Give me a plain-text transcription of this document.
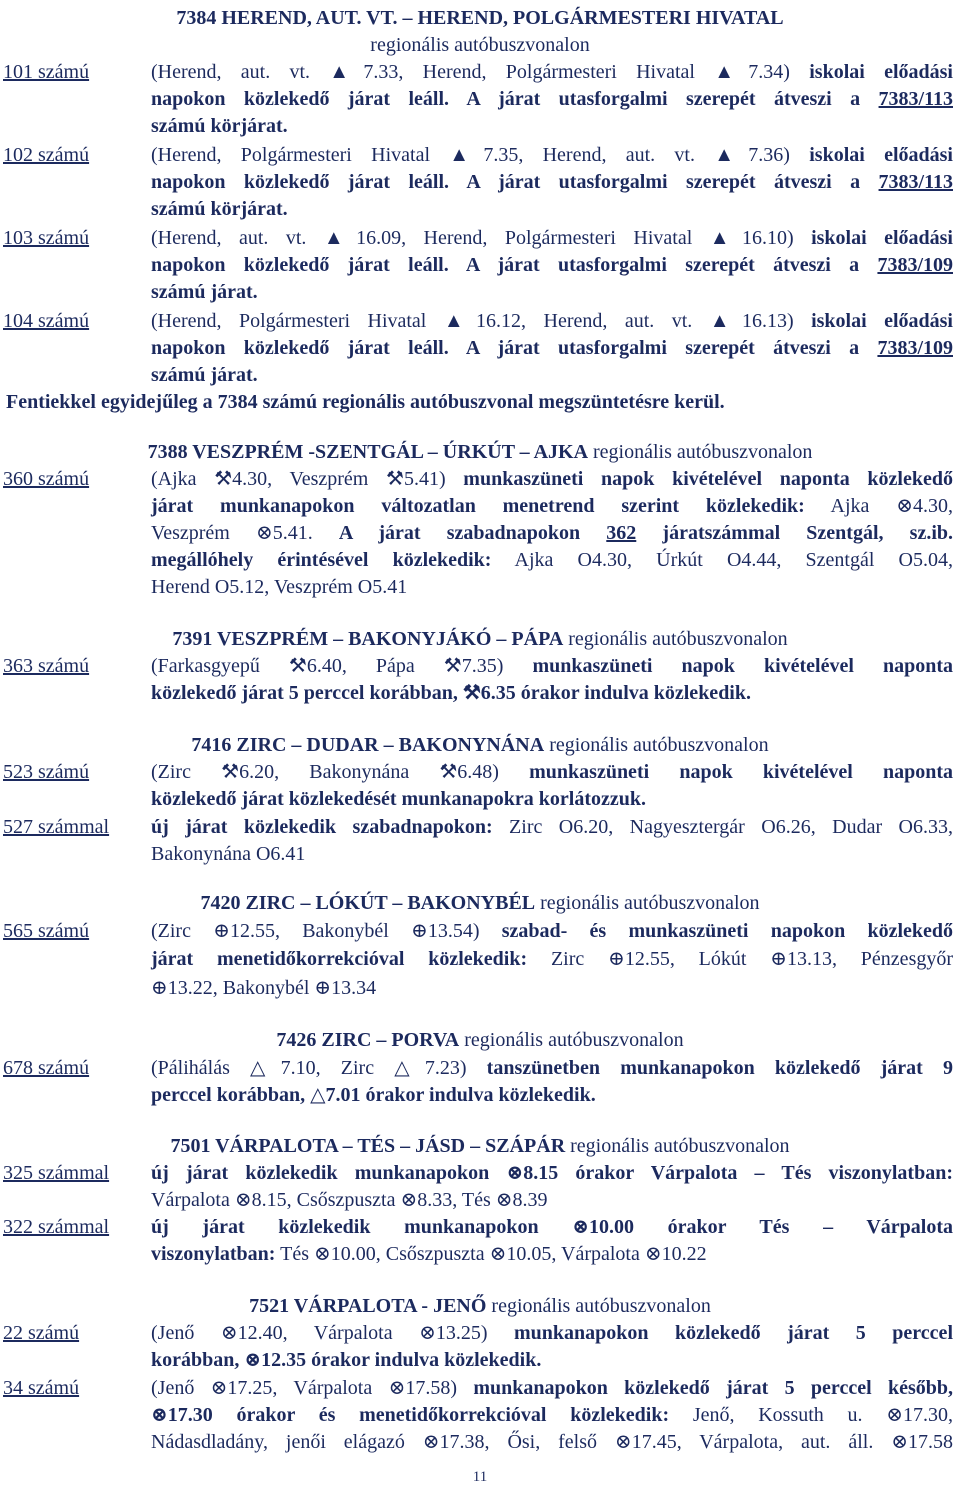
7384 HEREND, AUT. VT. – HEREND, POLGÁRMESTERI HIVATAL
regionális autóbuszvonalon
101 számú	(Herend, aut. vt. ▲7.33, Herend, Polgármesteri Hivatal ▲7.34) iskolai előadási
napokon közlekedő járat leáll. A járat utasforgalmi szerepét átveszi a 7383/113
számú körjárat.
102 számú	(Herend, Polgármesteri Hivatal ▲7.35, Herend, aut. vt. ▲7.36) iskolai előadási
napokon közlekedő járat leáll. A járat utasforgalmi szerepét átveszi a 7383/113
számú körjárat.
103 számú	(Herend, aut. vt. ▲16.09, Herend, Polgármesteri Hivatal ▲16.10) iskolai előadási
napokon közlekedő járat leáll. A járat utasforgalmi szerepét átveszi a 7383/109
számú járat.
104 számú	(Herend, Polgármesteri Hivatal ▲16.12, Herend, aut. vt. ▲16.13) iskolai előadási
napokon közlekedő járat leáll. A járat utasforgalmi szerepét átveszi a 7383/109
számú járat.
Fentiekkel egyidejűleg a 7384 számú regionális autóbuszvonal megszüntetésre kerül.
7388 VESZPRÉM -SZENTGÁL – ÚRKÚT – AJKA regionális autóbuszvonalon
360 számú	(Ajka ⚒4.30, Veszprém ⚒5.41) munkaszüneti napok kivételével naponta közlekedő
járat munkanapokon változatlan menetrend szerint közlekedik: Ajka ⊗4.30,
Veszprém ⊗5.41. A járat szabadnapokon 362 járatszámmal Szentgál, sz.ib.
megállóhely érintésével közlekedik: Ajka O4.30, Úrkút O4.44, Szentgál O5.04,
Herend O5.12, Veszprém O5.41
7391 VESZPRÉM – BAKONYJÁKÓ – PÁPA regionális autóbuszvonalon
363 számú	(Farkasgyepű ⚒6.40, Pápa ⚒7.35) munkaszüneti napok kivételével naponta
közlekedő járat 5 perccel korábban, ⚒6.35 órakor indulva közlekedik.
7416 ZIRC – DUDAR – BAKONYNÁNA regionális autóbuszvonalon
523 számú	(Zirc ⚒6.20, Bakonynána ⚒6.48) munkaszüneti napok kivételével naponta
közlekedő járat közlekedését munkanapokra korlátozzuk.
527 számmal új járat közlekedik szabadnapokon: Zirc O6.20, Nagyesztergár O6.26, Dudar O6.33,
Bakonynána O6.41
7420 ZIRC – LÓKÚT – BAKONYBÉL regionális autóbuszvonalon
565 számú	(Zirc ⊕12.55, Bakonybél ⊕13.54) szabad- és munkaszüneti napokon közlekedő
járat menetidőkorrekcióval közlekedik: Zirc ⊕12.55, Lókút ⊕13.13, Pénzesgyőr
⊕13.22, Bakonybél ⊕13.34
7426 ZIRC – PORVA regionális autóbuszvonalon
678 számú	(Pálihálás △7.10, Zirc △7.23) tanszünetben munkanapokon közlekedő járat 9
perccel korábban, △7.01 órakor indulva közlekedik.
7501 VÁRPALOTA – TÉS – JÁSD – SZÁPÁR regionális autóbuszvonalon
325 számmal új járat közlekedik munkanapokon ⊗8.15 órakor Várpalota – Tés viszonylatban:
Várpalota ⊗8.15, Csőszpuszta ⊗8.33, Tés ⊗8.39
322 számmal új járat közlekedik munkanapokon ⊗10.00 órakor Tés – Várpalota
viszonylatban: Tés ⊗10.00, Csőszpuszta ⊗10.05, Várpalota ⊗10.22
7521 VÁRPALOTA - JENŐ regionális autóbuszvonalon
22 számú	(Jenő ⊗12.40, Várpalota ⊗13.25) munkanapokon közlekedő járat 5 perccel
korábban, ⊗12.35 órakor indulva közlekedik.
34 számú	(Jenő ⊗17.25, Várpalota ⊗17.58) munkanapokon közlekedő járat 5 perccel később,
⊗17.30 órakor és menetidőkorrekcióval közlekedik: Jenő, Kossuth u. ⊗17.30,
Nádasdladány, jenői elágazó ⊗17.38, Ősi, felső ⊗17.45, Várpalota, aut. áll. ⊗17.58
11
